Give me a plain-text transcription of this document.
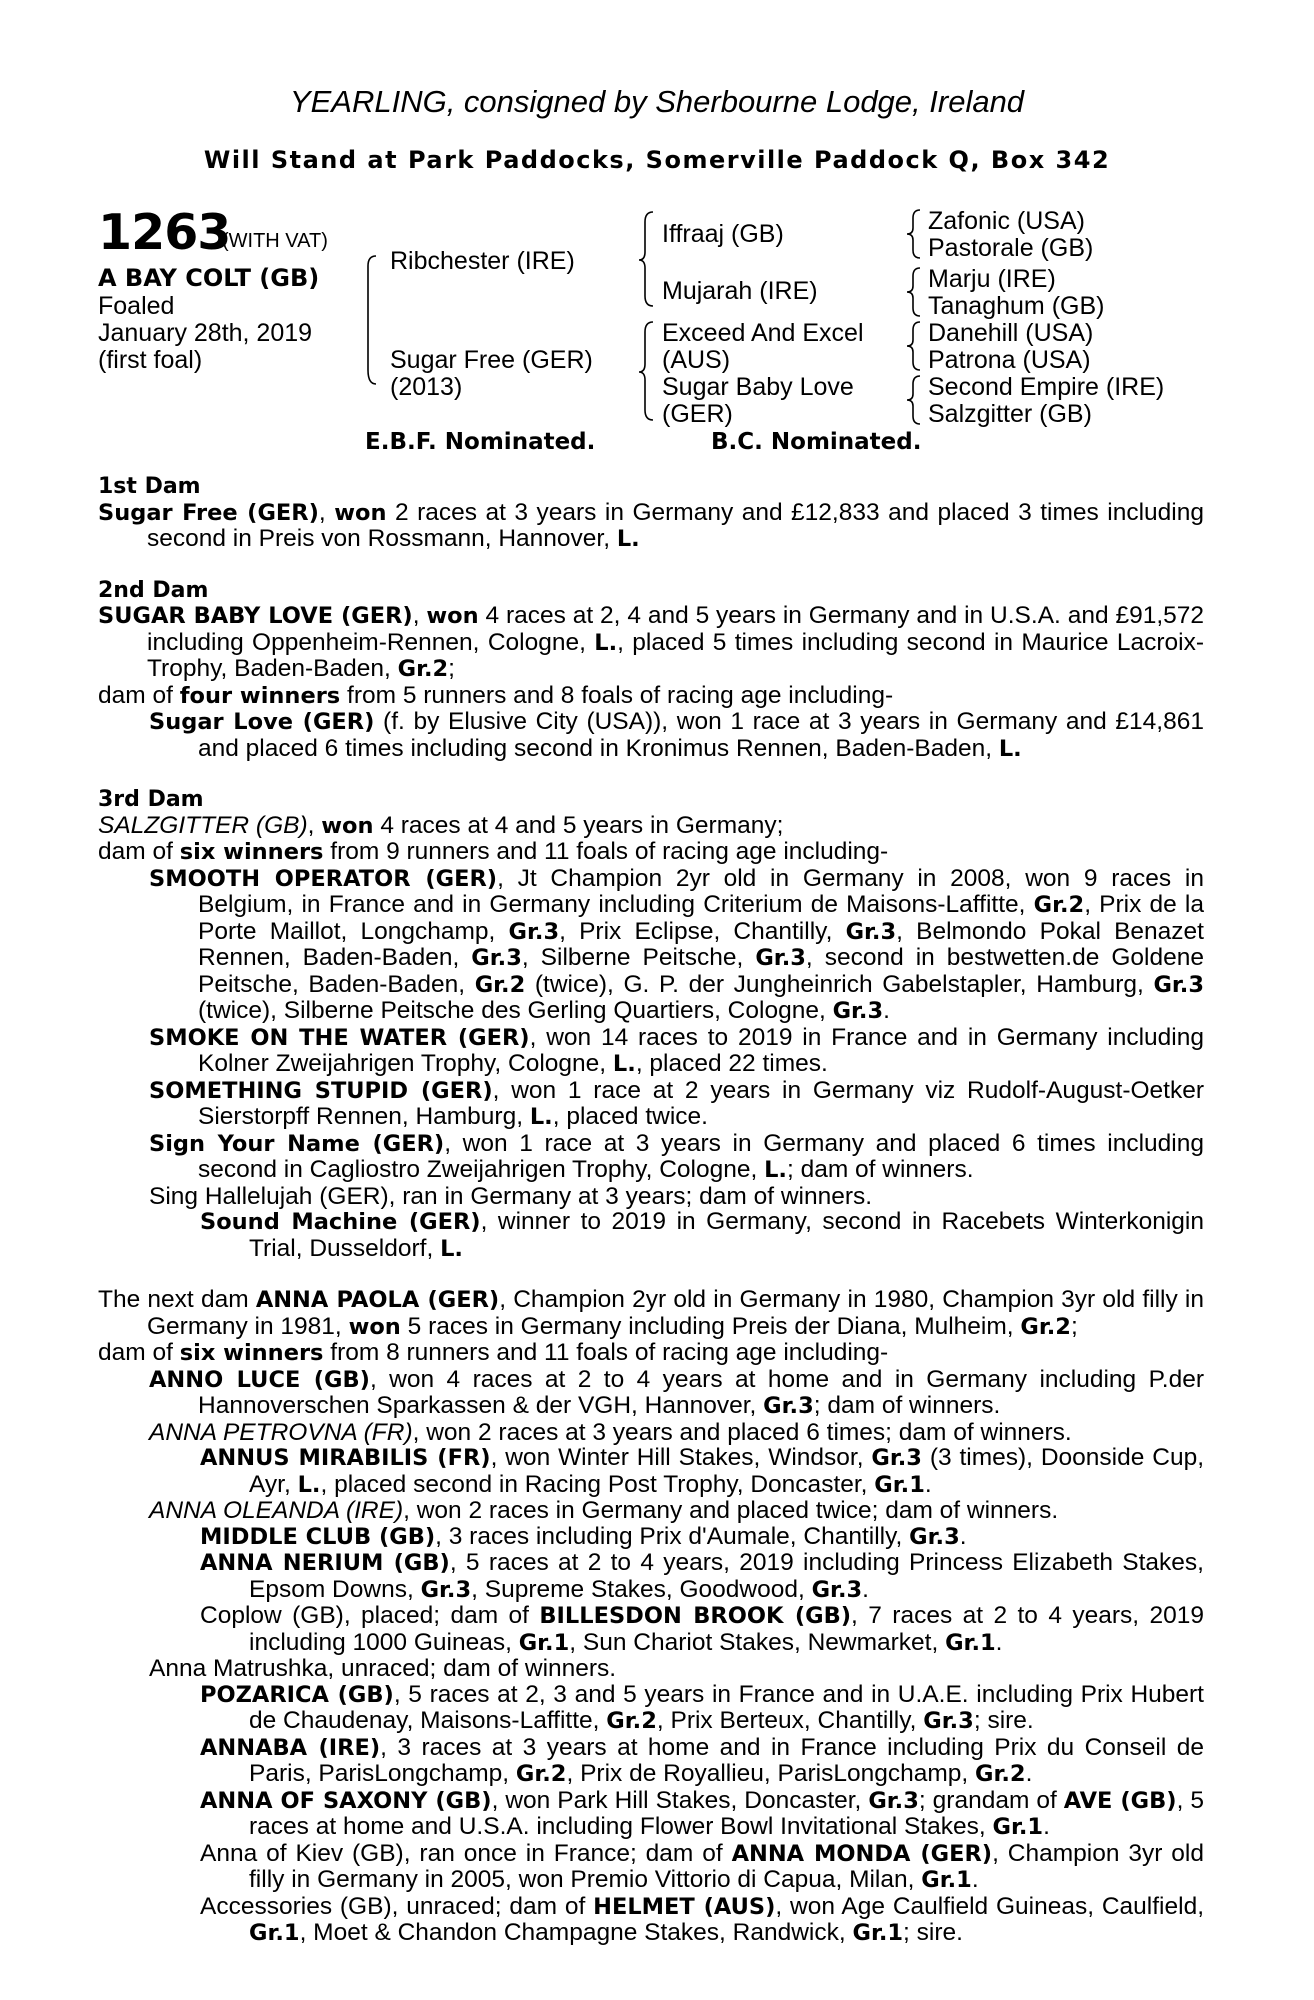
YEARLING, consigned by Sherbourne Lodge, Ireland
Will Stand at Park Paddocks, Somerville Paddock Q, Box 342
1263
(WITH VAT)
A BAY COLT (GB)
Foaled
January 28th, 2019
(first foal)
Ribchester (IRE)
Sugar Free (GER)
(2013)
Iffraaj (GB)
Mujarah (IRE)
Exceed And Excel
(AUS)
Sugar Baby Love
(GER)
Zafonic (USA)
Pastorale (GB)
Marju (IRE)
Tanaghum (GB)
Danehill (USA)
Patrona (USA)
Second Empire (IRE)
Salzgitter (GB)
E.B.F. Nominated.	B.C. Nominated.
1st Dam

Sugar Free (GER), won 2 races at 3 years in Germany and £12,833 and placed 3 times including second in Preis von Rossmann, Hannover, L.

2nd Dam

SUGAR BABY LOVE (GER), won 4 races at 2, 4 and 5 years in Germany and in U.S.A. and £91,572 including Oppenheim-Rennen, Cologne, L., placed 5 times including second in Maurice Lacroix-Trophy, Baden-Baden, Gr.2;

dam of four winners from 5 runners and 8 foals of racing age including-

Sugar Love (GER) (f. by Elusive City (USA)), won 1 race at 3 years in Germany and £14,861 and placed 6 times including second in Kronimus Rennen, Baden-Baden, L.

3rd Dam

SALZGITTER (GB), won 4 races at 4 and 5 years in Germany;

dam of six winners from 9 runners and 11 foals of racing age including-

SMOOTH OPERATOR (GER), Jt Champion 2yr old in Germany in 2008, won 9 races in Belgium, in France and in Germany including Criterium de Maisons-Laffitte, Gr.2, Prix de la Porte Maillot, Longchamp, Gr.3, Prix Eclipse, Chantilly, Gr.3, Belmondo Pokal Benazet Rennen, Baden-Baden, Gr.3, Silberne Peitsche, Gr.3, second in bestwetten.de Goldene Peitsche, Baden-Baden, Gr.2 (twice), G. P. der Jungheinrich Gabelstapler, Hamburg, Gr.3 (twice), Silberne Peitsche des Gerling Quartiers, Cologne, Gr.3.

SMOKE ON THE WATER (GER), won 14 races to 2019 in France and in Germany including Kolner Zweijahrigen Trophy, Cologne, L., placed 22 times.

SOMETHING STUPID (GER), won 1 race at 2 years in Germany viz Rudolf-August-Oetker Sierstorpff Rennen, Hamburg, L., placed twice.

Sign Your Name (GER), won 1 race at 3 years in Germany and placed 6 times including second in Cagliostro Zweijahrigen Trophy, Cologne, L.; dam of winners.

Sing Hallelujah (GER), ran in Germany at 3 years; dam of winners.

Sound Machine (GER), winner to 2019 in Germany, second in Racebets Winterkonigin Trial, Dusseldorf, L.

The next dam ANNA PAOLA (GER), Champion 2yr old in Germany in 1980, Champion 3yr old filly in Germany in 1981, won 5 races in Germany including Preis der Diana, Mulheim, Gr.2;

dam of six winners from 8 runners and 11 foals of racing age including-

ANNO LUCE (GB), won 4 races at 2 to 4 years at home and in Germany including P.der Hannoverschen Sparkassen & der VGH, Hannover, Gr.3; dam of winners.

ANNA PETROVNA (FR), won 2 races at 3 years and placed 6 times; dam of winners.

ANNUS MIRABILIS (FR), won Winter Hill Stakes, Windsor, Gr.3 (3 times), Doonside Cup, Ayr, L., placed second in Racing Post Trophy, Doncaster, Gr.1.

ANNA OLEANDA (IRE), won 2 races in Germany and placed twice; dam of winners.

MIDDLE CLUB (GB), 3 races including Prix d'Aumale, Chantilly, Gr.3.

ANNA NERIUM (GB), 5 races at 2 to 4 years, 2019 including Princess Elizabeth Stakes, Epsom Downs, Gr.3, Supreme Stakes, Goodwood, Gr.3.

Coplow (GB), placed; dam of BILLESDON BROOK (GB), 7 races at 2 to 4 years, 2019 including 1000 Guineas, Gr.1, Sun Chariot Stakes, Newmarket, Gr.1.

Anna Matrushka, unraced; dam of winners.

POZARICA (GB), 5 races at 2, 3 and 5 years in France and in U.A.E. including Prix Hubert de Chaudenay, Maisons-Laffitte, Gr.2, Prix Berteux, Chantilly, Gr.3; sire.

ANNABA (IRE), 3 races at 3 years at home and in France including Prix du Conseil de Paris, ParisLongchamp, Gr.2, Prix de Royallieu, ParisLongchamp, Gr.2.

ANNA OF SAXONY (GB), won Park Hill Stakes, Doncaster, Gr.3; grandam of AVE (GB), 5 races at home and U.S.A. including Flower Bowl Invitational Stakes, Gr.1.

Anna of Kiev (GB), ran once in France; dam of ANNA MONDA (GER), Champion 3yr old filly in Germany in 2005, won Premio Vittorio di Capua, Milan, Gr.1.

Accessories (GB), unraced; dam of HELMET (AUS), won Age Caulfield Guineas, Caulfield, Gr.1, Moet & Chandon Champagne Stakes, Randwick, Gr.1; sire.
